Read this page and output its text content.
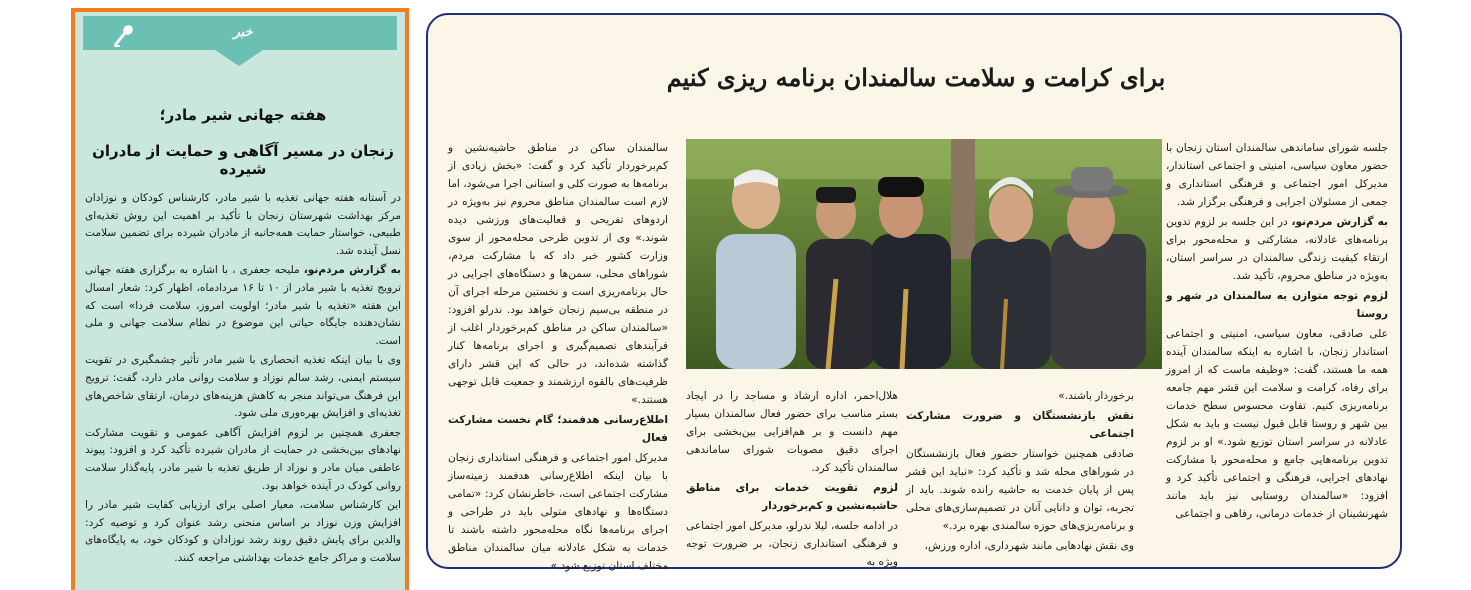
خبر
هفته جهانی شیر مادر؛
زنجان در مسیر آگاهی و حمایت از مادران شیرده

در آستانه هفته جهانی تغذیه با شیر مادر، کارشناس کودکان و نوزادان مرکز بهداشت شهرستان زنجان با تأکید بر اهمیت این روش تغذیه‌ای طبیعی، خواستار حمایت همه‌جانبه از مادران شیرده برای تضمین سلامت نسل آینده شد.

به گزارش مردم‌نو، ملیحه جعفری ، با اشاره به برگزاری هفته جهانی ترویج تغذیه با شیر مادر از ۱۰ تا ۱۶ مردادماه، اظهار کرد: شعار امسال این هفته «تغذیه با شیر مادر؛ اولویت امروز، سلامت فردا» است که نشان‌دهنده جایگاه حیاتی این موضوع در نظام سلامت جهانی و ملی است.

وی با بیان اینکه تغذیه انحصاری با شیر مادر تأثیر چشمگیری در تقویت سیستم ایمنی، رشد سالم نوزاد و سلامت روانی مادر دارد، گفت: ترویج این فرهنگ می‌تواند منجر به کاهش هزینه‌های درمان، ارتقای شاخص‌های تغذیه‌ای و افزایش بهره‌وری ملی شود.

جعفری همچنین بر لزوم افزایش آگاهی عمومی و تقویت مشارکت نهادهای بین‌بخشی در حمایت از مادران شیرده تأکید کرد و افزود: پیوند عاطفی میان مادر و نوزاد از طریق تغذیه با شیر مادر، پایه‌گذار سلامت روانی کودک در آینده خواهد بود.

این کارشناس سلامت، معیار اصلی برای ارزیابی کفایت شیر مادر را افزایش وزن نوزاد بر اساس منحنی رشد عنوان کرد و توصیه کرد: والدین برای پایش دقیق روند رشد نوزادان و کودکان خود، به پایگاه‌های سلامت و مراکز جامع خدمات بهداشتی مراجعه کنند.

برای کرامت و سلامت سالمندان برنامه ریزی کنیم

جلسه شورای ساماندهی سالمندان استان زنجان با حضور معاون سیاسی، امنیتی و اجتماعی استاندار، مدیرکل امور اجتماعی و فرهنگی استانداری و جمعی از مسئولان اجرایی و فرهنگی برگزار شد.

به گزارش مردم‌نو، در این جلسه بر لزوم تدوین برنامه‌های عادلانه، مشارکتی و محله‌محور برای ارتقاء کیفیت زندگی سالمندان در سراسر استان، به‌ویژه در مناطق محروم، تأکید شد.

لزوم توجه متوازن به سالمندان در شهر و روستا

علی صادقی، معاون سیاسی، امنیتی و اجتماعی استاندار زنجان، با اشاره به اینکه سالمندان آینده همه ما هستند، گفت: «وظیفه ماست که از امروز برای رفاه، کرامت و سلامت این قشر مهم جامعه برنامه‌ریزی کنیم. تفاوت محسوس سطح خدمات بین شهر و روستا قابل قبول نیست و باید به شکل عادلانه در سراسر استان توزیع شود.» او بر لزوم تدوین برنامه‌هایی جامع و محله‌محور با مشارکت نهادهای اجرایی، فرهنگی و اجتماعی تأکید کرد و افزود: «سالمندان روستایی نیز باید مانند شهرنشینان از خدمات درمانی، رفاهی و اجتماعی

برخوردار باشند.»

نقش بازنشستگان و ضرورت مشارکت اجتماعی

صادقی همچنین خواستار حضور فعال بازنشستگان در شوراهای محله شد و تأکید کرد: «نباید این قشر پس از پایان خدمت به حاشیه رانده شوند. باید از تجربه، توان و دانایی آنان در تصمیم‌سازی‌های محلی و برنامه‌ریزی‌های حوزه سالمندی بهره برد.»

وی نقش نهادهایی مانند شهرداری، اداره ورزش،

هلال‌احمر، اداره ارشاد و مساجد را در ایجاد بستر مناسب برای حضور فعال سالمندان بسیار مهم دانست و بر هم‌افزایی بین‌بخشی برای اجرای دقیق مصوبات شورای ساماندهی سالمندان تأکید کرد.

لزوم تقویت خدمات برای مناطق حاشیه‌نشین و کم‌برخوردار

در ادامه جلسه، لیلا ندرلو، مدیرکل امور اجتماعی و فرهنگی استانداری زنجان، بر ضرورت توجه ویژه به

سالمندان ساکن در مناطق حاشیه‌نشین و کم‌برخوردار تأکید کرد و گفت: «بخش زیادی از برنامه‌ها به صورت کلی و استانی اجرا می‌شود، اما لازم است سالمندان مناطق محروم نیز به‌ویژه در اردوهای تفریحی و فعالیت‌های ورزشی دیده شوند.» وی از تدوین طرحی محله‌محور از سوی وزارت کشور خبر داد که با مشارکت مردم، شوراهای محلی، سمن‌ها و دستگاه‌های اجرایی در حال برنامه‌ریزی است و نخستین مرحله اجرای آن در منطقه بی‌سیم زنجان خواهد بود. ندرلو افزود: «سالمندان ساکن در مناطق کم‌برخوردار اغلب از فرآیندهای تصمیم‌گیری و اجرای برنامه‌ها کنار گذاشته شده‌اند، در حالی که این قشر دارای ظرفیت‌های بالقوه ارزشمند و جمعیت قابل توجهی هستند.»

اطلاع‌رسانی هدفمند؛ گام نخست مشارکت فعال

مدیرکل امور اجتماعی و فرهنگی استانداری زنجان با بیان اینکه اطلاع‌رسانی هدفمند زمینه‌ساز مشارکت اجتماعی است، خاطرنشان کرد: «تمامی دستگاه‌ها و نهادهای متولی باید در طراحی و اجرای برنامه‌ها نگاه محله‌محور داشته باشند تا خدمات به شکل عادلانه میان سالمندان مناطق مختلف استان توزیع شود.»
